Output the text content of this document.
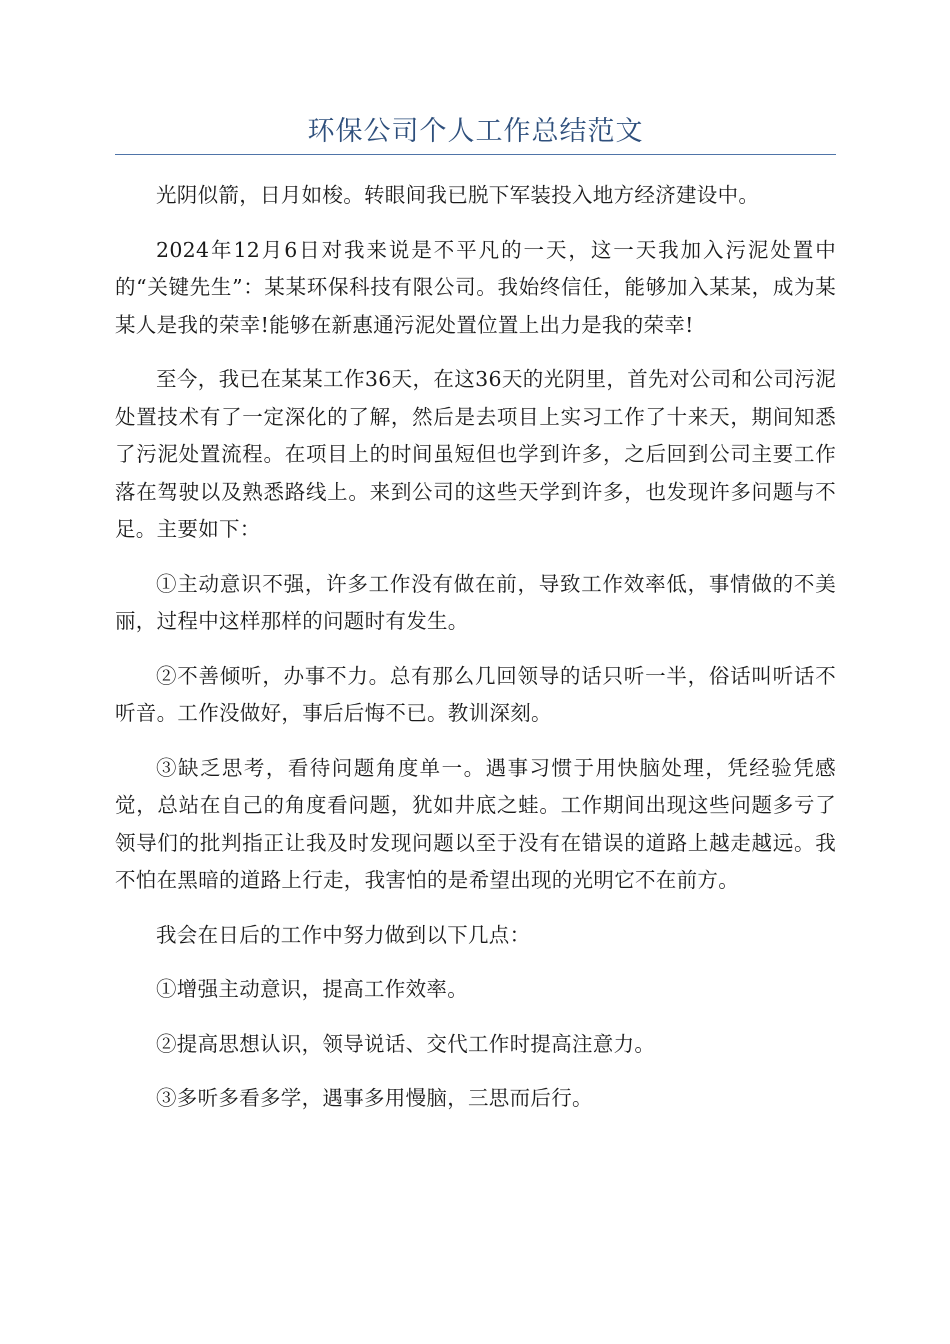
环保公司个人工作总结范文

光阴似箭，日月如梭。转眼间我已脱下军装投入地方经济建设中。

2024年12月6日对我来说是不平凡的一天，这一天我加入污泥处置中的“关键先生”：某某环保科技有限公司。我始终信任，能够加入某某，成为某某人是我的荣幸!能够在新惠通污泥处置位置上出力是我的荣幸!

至今，我已在某某工作36天，在这36天的光阴里，首先对公司和公司污泥处置技术有了一定深化的了解，然后是去项目上实习工作了十来天，期间知悉了污泥处置流程。在项目上的时间虽短但也学到许多，之后回到公司主要工作落在驾驶以及熟悉路线上。来到公司的这些天学到许多，也发现许多问题与不足。主要如下：

①主动意识不强，许多工作没有做在前，导致工作效率低，事情做的不美丽，过程中这样那样的问题时有发生。

②不善倾听，办事不力。总有那么几回领导的话只听一半，俗话叫听话不听音。工作没做好，事后后悔不已。教训深刻。

③缺乏思考，看待问题角度单一。遇事习惯于用快脑处理，凭经验凭感觉，总站在自己的角度看问题，犹如井底之蛙。工作期间出现这些问题多亏了领导们的批判指正让我及时发现问题以至于没有在错误的道路上越走越远。我不怕在黑暗的道路上行走，我害怕的是希望出现的光明它不在前方。

我会在日后的工作中努力做到以下几点：

①增强主动意识，提高工作效率。

②提高思想认识，领导说话、交代工作时提高注意力。

③多听多看多学，遇事多用慢脑，三思而后行。
